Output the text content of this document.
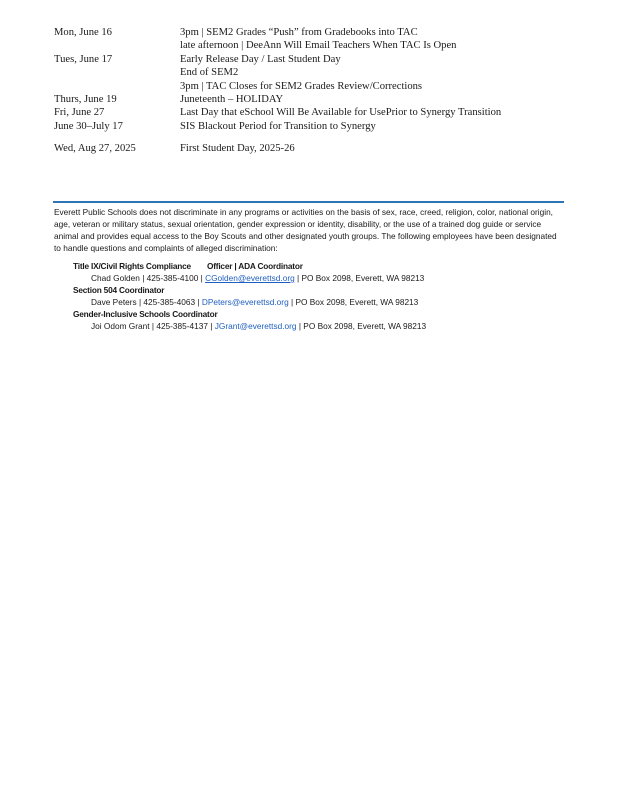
Mon, June 16	3pm | SEM2 Grades “Push” from Gradebooks into TAC
late afternoon | DeeAnn Will Email Teachers When TAC Is Open
Tues, June 17	Early Release Day / Last Student Day
End of SEM2
3pm | TAC Closes for SEM2 Grades Review/Corrections
Thurs, June 19	Juneteenth – HOLIDAY
Fri, June 27	Last Day that eSchool Will Be Available for UsePrior to Synergy Transition
June 30–July 17	SIS Blackout Period for Transition to Synergy
Wed, Aug 27, 2025	First Student Day, 2025-26

Everett Public Schools does not discriminate in any programs or activities on the basis of sex, race, creed, religion, color, national origin, age, veteran or military status, sexual orientation, gender expression or identity, disability, or the use of a trained dog guide or service animal and provides equal access to the Boy Scouts and other designated youth groups. The following employees have been designated to handle questions and complaints of alleged discrimination:

Title IX/Civil Rights Compliance Officer | ADA Coordinator
Chad Golden | 425-385-4100 | CGolden@everettsd.org | PO Box 2098, Everett, WA 98213
Section 504 Coordinator
Dave Peters | 425-385-4063 | DPeters@everettsd.org | PO Box 2098, Everett, WA 98213
Gender-Inclusive Schools Coordinator
Joi Odom Grant | 425-385-4137 | JGrant@everettsd.org | PO Box 2098, Everett, WA 98213
